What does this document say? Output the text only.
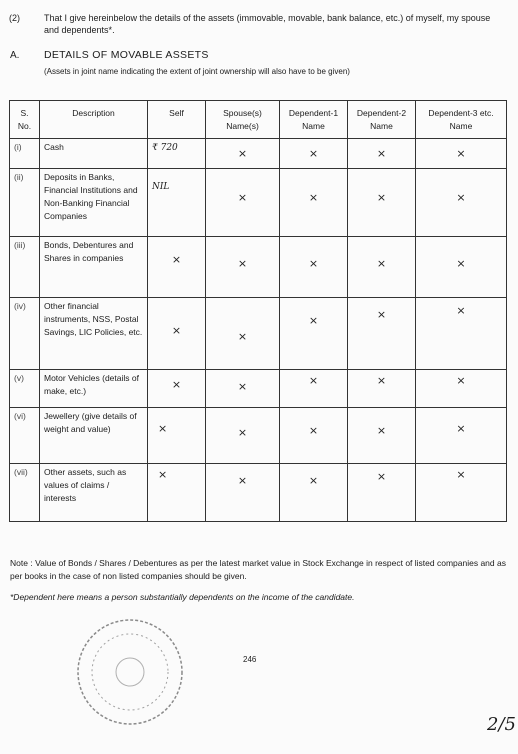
(2)	That I give hereinbelow the details of the assets (immovable, movable, bank balance, etc.) of myself, my spouse and dependents*.
A. DETAILS OF MOVABLE ASSETS
(Assets in joint name indicating the extent of joint ownership will also have to be given)
S. No.	Description	Self	Spouse(s) Name(s)	Dependent-1 Name	Dependent-2 Name	Dependent-3 etc. Name
(i)	Cash	₹ 720	×	×	×	×

(ii)	Deposits in Banks, Financial Institutions and Non-Banking Financial Companies	NIL	×	×	×	×

(iii)	Bonds, Debentures and Shares in companies	×	×	×	×	×

(iv)	Other financial instruments, NSS, Postal Savings, LIC Policies, etc.	×	×	×	×	×

(v)	Motor Vehicles (details of make, etc.)	×	×	×	×	×

(vi)	Jewellery (give details of weight and value)	×	×	×	×	×

(vii)	Other assets, such as values of claims / interests	×	×	×	×	×
Note : Value of Bonds / Shares / Debentures as per the latest market value in Stock Exchange in respect of listed companies and as per books in the case of non listed companies should be given.
*Dependent here means a person substantially dependents on the income of the candidate.
246
2/5
